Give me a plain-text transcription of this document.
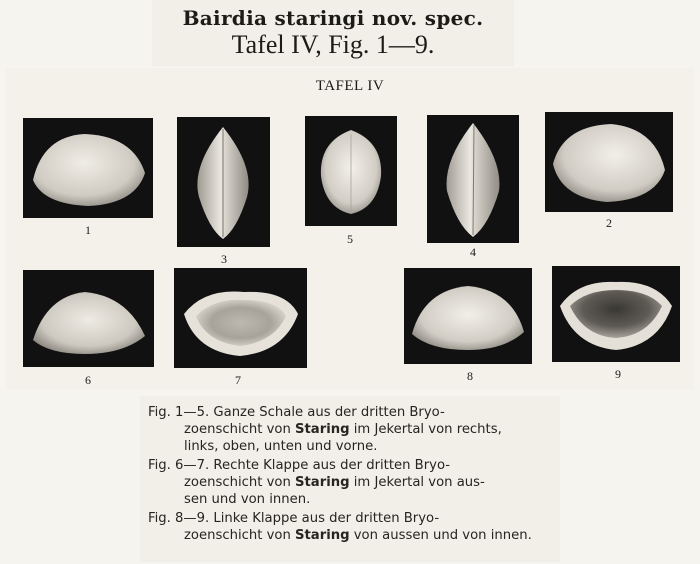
Bairdia staringi nov. spec.
Tafel IV, Fig. 1—9.
TAFEL IV
1
3
5
4
2
6	7	8	9
Fig. 1—5. Ganze Schale aus der dritten Bryo-
zoenschicht von Staring im Jekertal von rechts,
links, oben, unten und vorne.
Fig. 6—7. Rechte Klappe aus der dritten Bryo-
zoenschicht von Staring im Jekertal von aus-
sen und von innen.
Fig. 8—9. Linke Klappe aus der dritten Bryo-
zoenschicht von Staring von aussen und von innen.
